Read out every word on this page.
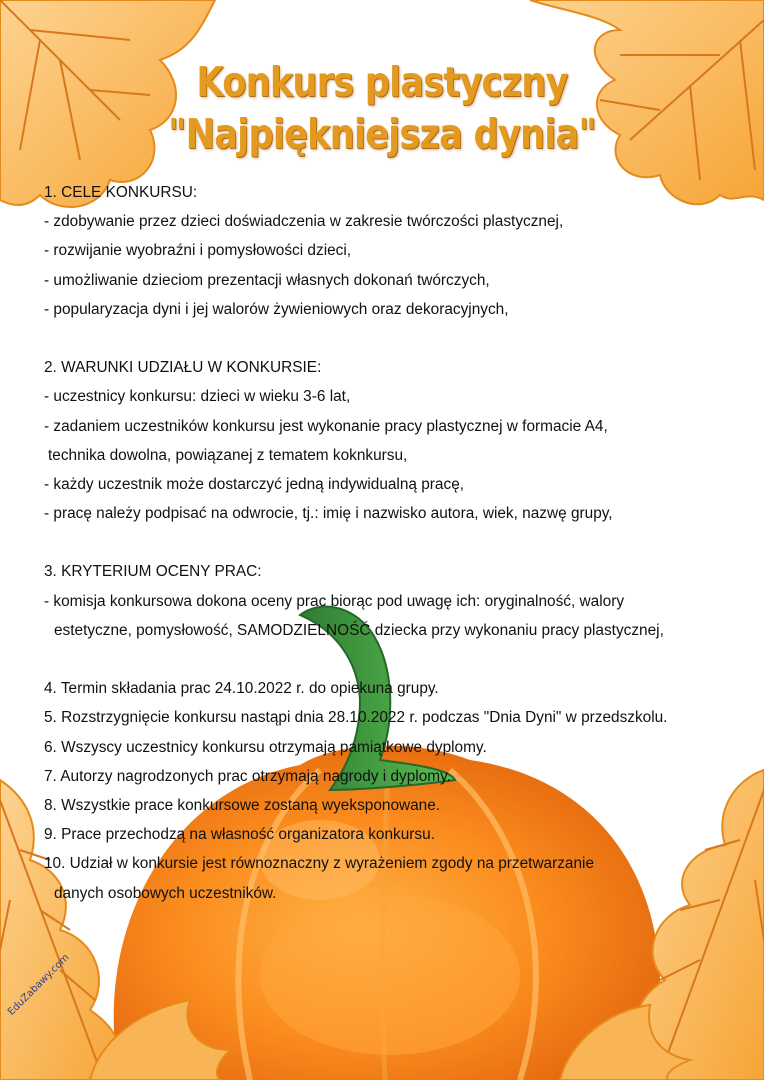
Konkurs plastyczny
"Najpiękniejsza dynia"
1. CELE KONKURSU:
- zdobywanie przez dzieci doświadczenia w zakresie twórczości plastycznej,
- rozwijanie wyobraźni i pomysłowości dzieci,
- umożliwanie dzieciom prezentacji własnych dokonań twórczych,
- popularyzacja dyni i jej walorów żywieniowych oraz dekoracyjnych,
2. WARUNKI UDZIAŁU W KONKURSIE:
- uczestnicy konkursu: dzieci w wieku 3-6 lat,
- zadaniem uczestników konkursu jest wykonanie pracy plastycznej w formacie A4,
technika dowolna, powiązanej z tematem koknkursu,
- każdy uczestnik może dostarczyć jedną indywidualną pracę,
- pracę należy podpisać na odwrocie, tj.: imię i nazwisko autora, wiek, nazwę grupy,
3. KRYTERIUM OCENY PRAC:
- komisja konkursowa dokona oceny prac biorąc pod uwagę ich: oryginalność, walory
estetyczne, pomysłowość, SAMODZIELNOŚĆ dziecka przy wykonaniu pracy plastycznej,
4. Termin składania prac 24.10.2022 r. do opiekuna grupy.
5. Rozstrzygnięcie konkursu nastąpi dnia 28.10.2022 r. podczas "Dnia Dyni" w przedszkolu.
6. Wszyscy uczestnicy konkursu otrzymają pamiątkowe dyplomy.
7. Autorzy nagrodzonych prac otrzymają nagrody i dyplomy.
8. Wszystkie prace konkursowe zostaną wyeksponowane.
9. Prace przechodzą na własność organizatora konkursu.
10. Udział w konkursie jest równoznaczny z wyrażeniem zgody na przetwarzanie
danych osobowych uczestników.
EduZabawy.com
